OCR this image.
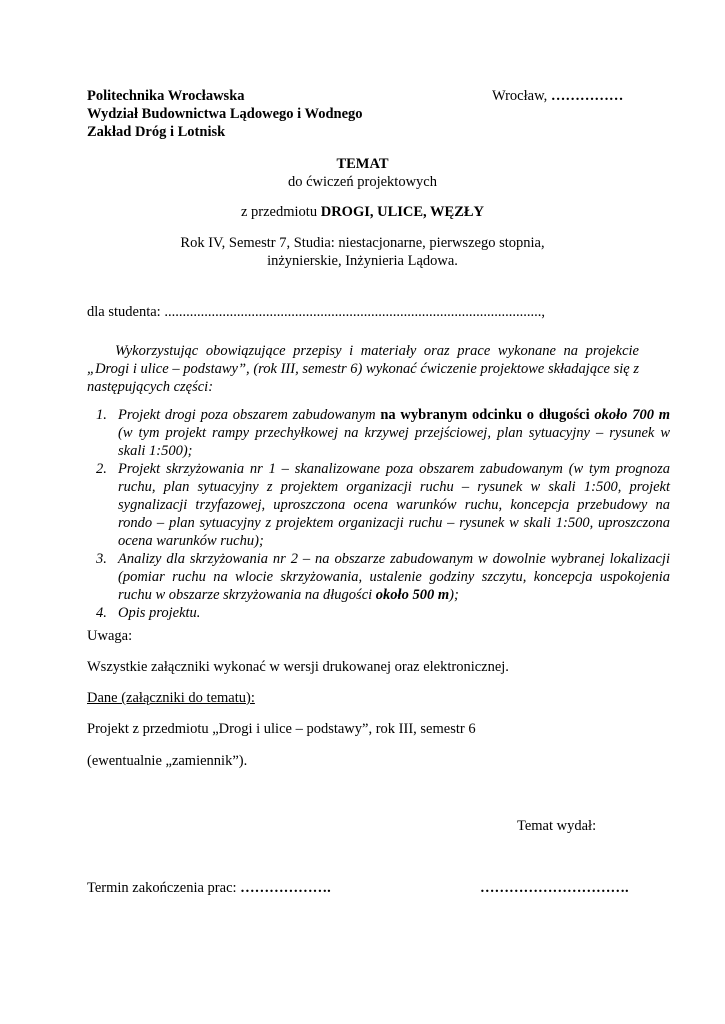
Politechnika Wrocławska
Wydział Budownictwa Lądowego i Wodnego
Zakład Dróg i Lotnisk
Wrocław, ……………
TEMAT
do ćwiczeń projektowych
z przedmiotu DROGI, ULICE, WĘZŁY
Rok IV, Semestr 7, Studia: niestacjonarne, pierwszego stopnia,
inżynierskie, Inżynieria Lądowa.
dla studenta: ........................................................................................................,
Wykorzystując obowiązujące przepisy i materiały oraz prace wykonane na projekcie „Drogi i ulice – podstawy”, (rok III, semestr 6) wykonać ćwiczenie projektowe składające się z następujących części:
1. Projekt drogi poza obszarem zabudowanym na wybranym odcinku o długości około 700 m (w tym projekt rampy przechyłkowej na krzywej przejściowej, plan sytuacyjny – rysunek w skali 1:500);
2. Projekt skrzyżowania nr 1 – skanalizowane poza obszarem zabudowanym (w tym prognoza ruchu, plan sytuacyjny z projektem organizacji ruchu – rysunek w skali 1:500, projekt sygnalizacji trzyfazowej, uproszczona ocena warunków ruchu, koncepcja przebudowy na rondo – plan sytuacyjny z projektem organizacji ruchu – rysunek w skali 1:500, uproszczona ocena warunków ruchu);
3. Analizy dla skrzyżowania nr 2 – na obszarze zabudowanym w dowolnie wybranej lokalizacji (pomiar ruchu na wlocie skrzyżowania, ustalenie godziny szczytu, koncepcja uspokojenia ruchu w obszarze skrzyżowania na długości około 500 m);
4. Opis projektu.
Uwaga:
Wszystkie załączniki wykonać w wersji drukowanej oraz elektronicznej.
Dane (załączniki do tematu):
Projekt z przedmiotu „Drogi i ulice – podstawy”, rok III, semestr 6
(ewentualnie „zamiennik”).
Temat wydał:
Termin zakończenia prac: ……………….	………………………….
